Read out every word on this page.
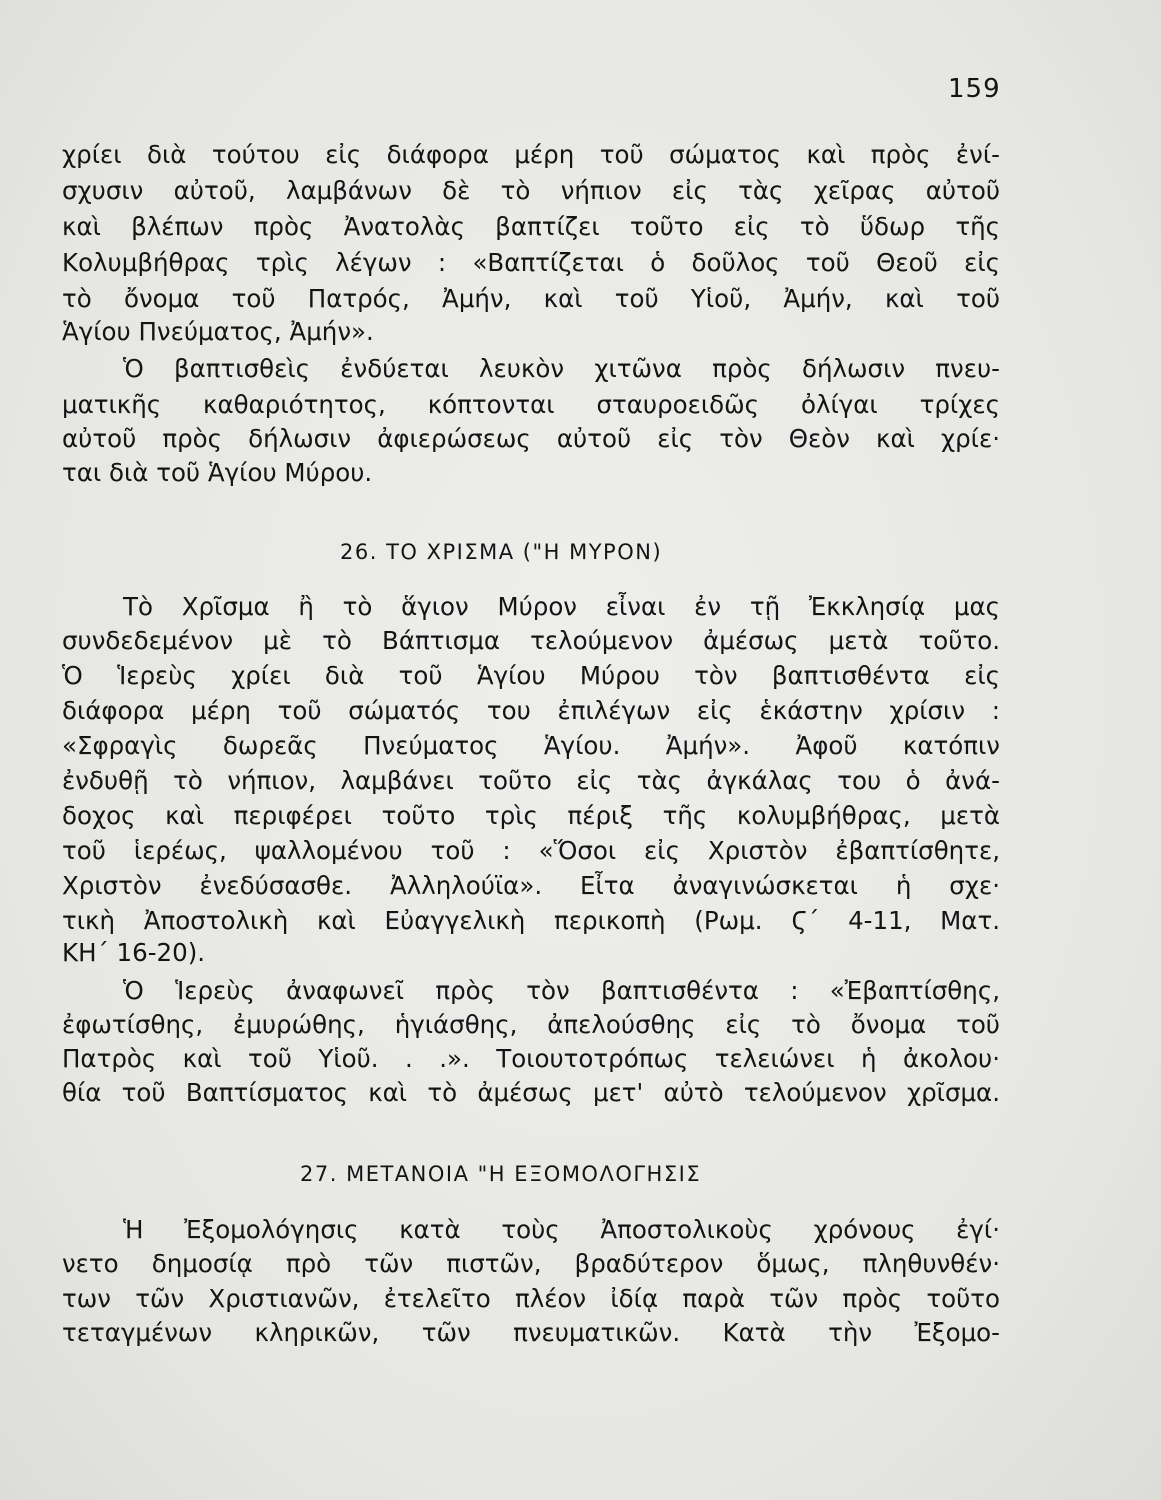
159
χρίει διὰ τούτου εἰς διάφορα μέρη τοῦ σώματος καὶ πρὸς ἐνί-
σχυσιν αὐτοῦ, λαμβάνων δὲ τὸ νήπιον εἰς τὰς χεῖρας αὐτοῦ
καὶ βλέπων πρὸς Ἀνατολὰς βαπτίζει τοῦτο εἰς τὸ ὕδωρ τῆς
Κολυμβήθρας τρὶς λέγων : «Βαπτίζεται ὁ δοῦλος τοῦ Θεοῦ εἰς
τὸ ὄνομα τοῦ Πατρός, Ἀμήν, καὶ τοῦ Υἱοῦ, Ἀμήν, καὶ τοῦ
Ἁγίου Πνεύματος, Ἀμήν».
Ὁ βαπτισθεὶς ἐνδύεται λευκὸν χιτῶνα πρὸς δήλωσιν πνευ-
ματικῆς καθαριότητος, κόπτονται σταυροειδῶς ὀλίγαι τρίχες
αὐτοῦ πρὸς δήλωσιν ἀφιερώσεως αὐτοῦ εἰς τὸν Θεὸν καὶ χρίε·
ται διὰ τοῦ Ἁγίου Μύρου.
26. ΤΟ ΧΡΙΣΜΑ ("Η ΜΥΡΟΝ)
Τὸ Χρῖσμα ἢ τὸ ἅγιον Μύρον εἶναι ἐν τῇ Ἐκκλησίᾳ μας
συνδεδεμένον μὲ τὸ Βάπτισμα τελούμενον ἀμέσως μετὰ τοῦτο.
Ὁ Ἱερεὺς χρίει διὰ τοῦ Ἁγίου Μύρου τὸν βαπτισθέντα εἰς
διάφορα μέρη τοῦ σώματός του ἐπιλέγων εἰς ἑκάστην χρίσιν :
«Σφραγὶς δωρεᾶς Πνεύματος Ἁγίου. Ἀμήν». Ἀφοῦ κατόπιν
ἐνδυθῇ τὸ νήπιον, λαμβάνει τοῦτο εἰς τὰς ἀγκάλας του ὁ ἀνά-
δοχος καὶ περιφέρει τοῦτο τρὶς πέριξ τῆς κολυμβήθρας, μετὰ
τοῦ ἱερέως, ψαλλομένου τοῦ : «Ὅσοι εἰς Χριστὸν ἐβαπτίσθητε,
Χριστὸν ἐνεδύσασθε. Ἀλληλούϊα». Εἶτα ἀναγινώσκεται ἡ σχε·
τικὴ Ἀποστολικὴ καὶ Εὐαγγελικὴ περικοπὴ (Ρωμ. Ϛ΄ 4-11, Ματ.
ΚΗ΄ 16-20).
Ὁ Ἱερεὺς ἀναφωνεῖ πρὸς τὸν βαπτισθέντα : «Ἐβαπτίσθης,
ἐφωτίσθης, ἐμυρώθης, ἡγιάσθης, ἀπελούσθης εἰς τὸ ὄνομα τοῦ
Πατρὸς καὶ τοῦ Υἱοῦ. . .». Τοιουτοτρόπως τελειώνει ἡ ἀκολου·
θία τοῦ Βαπτίσματος καὶ τὸ ἀμέσως μετ' αὐτὸ τελούμενον χρῖσμα.
27. ΜΕΤΑΝΟΙΑ "Η ΕΞΟΜΟΛΟΓΗΣΙΣ
Ἡ Ἐξομολόγησις κατὰ τοὺς Ἀποστολικοὺς χρόνους ἐγί·
νετο δημοσίᾳ πρὸ τῶν πιστῶν, βραδύτερον ὅμως, πληθυνθέν·
των τῶν Χριστιανῶν, ἐτελεῖτο πλέον ἰδίᾳ παρὰ τῶν πρὸς τοῦτο
τεταγμένων κληρικῶν, τῶν πνευματικῶν. Κατὰ τὴν Ἐξομο-
